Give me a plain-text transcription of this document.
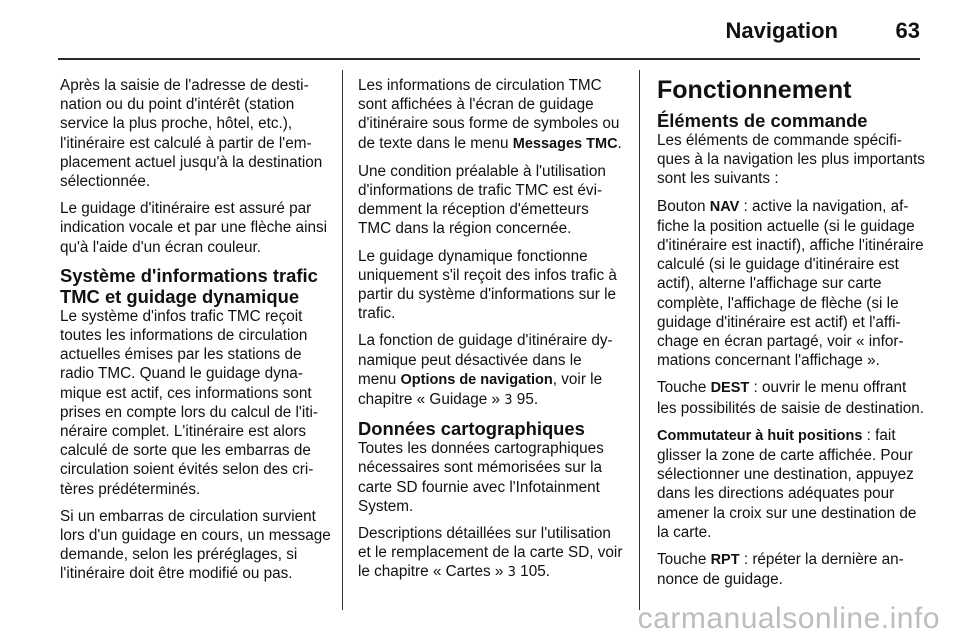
Navigation	63

Après la saisie de l'adresse de destination ou du point d'intérêt (station service la plus proche, hôtel, etc.), l'itinéraire est calculé à partir de l'emplacement actuel jusqu'à la destination sélectionnée.

Le guidage d'itinéraire est assuré par indication vocale et par une flèche ainsi qu'à l'aide d'un écran couleur.

Système d'informations trafic TMC et guidage dynamique

Le système d'infos trafic TMC reçoit toutes les informations de circulation actuelles émises par les stations de radio TMC. Quand le guidage dynamique est actif, ces informations sont prises en compte lors du calcul de l'itinéraire complet. L'itinéraire est alors calculé de sorte que les embarras de circulation soient évités selon des critères prédéterminés.

Si un embarras de circulation survient lors d'un guidage en cours, un message demande, selon les préréglages, si l'itinéraire doit être modifié ou pas.

Les informations de circulation TMC sont affichées à l'écran de guidage d'itinéraire sous forme de symboles ou de texte dans le menu Messages TMC.

Une condition préalable à l'utilisation d'informations de trafic TMC est évidemment la réception d'émetteurs TMC dans la région concernée.

Le guidage dynamique fonctionne uniquement s'il reçoit des infos trafic à partir du système d'informations sur le trafic.

La fonction de guidage d'itinéraire dynamique peut désactivée dans le menu Options de navigation, voir le chapitre « Guidage » 3 95.

Données cartographiques

Toutes les données cartographiques nécessaires sont mémorisées sur la carte SD fournie avec l'Infotainment System.

Descriptions détaillées sur l'utilisation et le remplacement de la carte SD, voir le chapitre « Cartes » 3 105.

Fonctionnement
Éléments de commande

Les éléments de commande spécifiques à la navigation les plus importants sont les suivants :

Bouton NAV : active la navigation, affiche la position actuelle (si le guidage d'itinéraire est inactif), affiche l'itinéraire calculé (si le guidage d'itinéraire est actif), alterne l'affichage sur carte complète, l'affichage de flèche (si le guidage d'itinéraire est actif) et l'affichage en écran partagé, voir « informations concernant l'affichage ».

Touche DEST : ouvrir le menu offrant les possibilités de saisie de destination.

Commutateur à huit positions : fait glisser la zone de carte affichée. Pour sélectionner une destination, appuyez dans les directions adéquates pour amener la croix sur une destination de la carte.

Touche RPT : répéter la dernière annonce de guidage.

carmanualsonline.info
